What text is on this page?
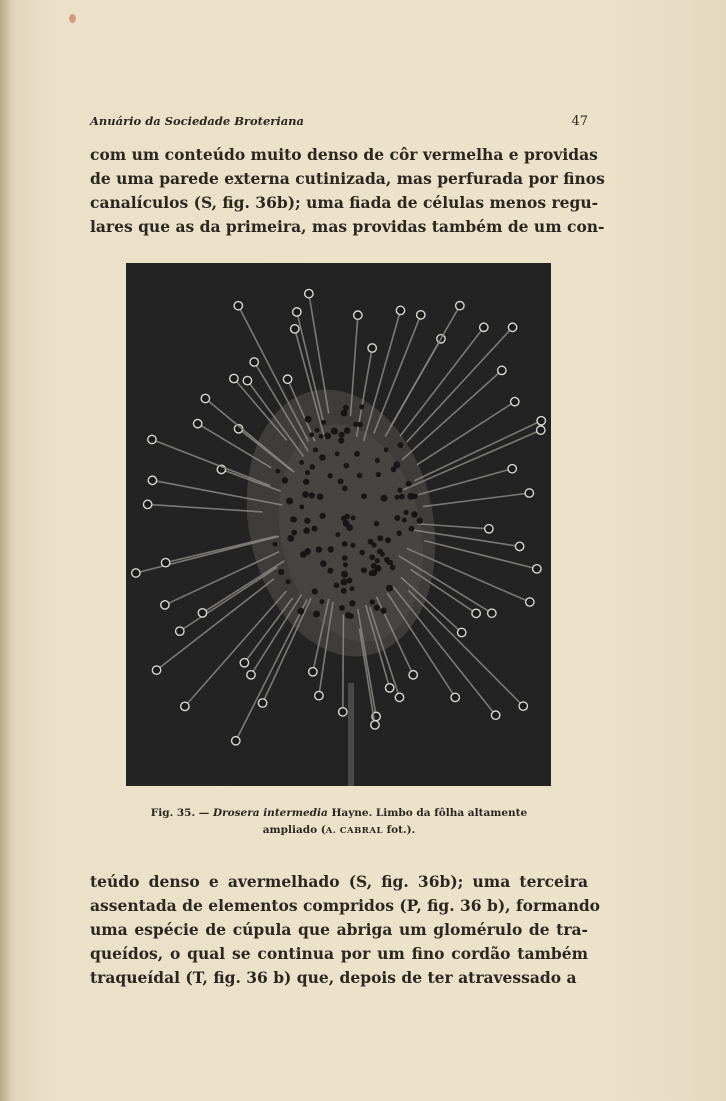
Anuário da Sociedade Broteriana	47
com um conteúdo muito denso de côr vermelha e providas
de uma parede externa cutinizada, mas perfurada por finos
canalículos (S, fig. 36b); uma fiada de células menos regu-
lares que as da primeira, mas providas também de um con-
Fig. 35. — Drosera intermedia Hayne. Limbo da fôlha altamente
ampliado (A. CABRAL fot.).
teúdo denso e avermelhado (S, fig. 36b); uma terceira
assentada de elementos compridos (P, fig. 36 b), formando
uma espécie de cúpula que abriga um glomérulo de tra-
queídos, o qual se continua por um fino cordão também
traqueídal (T, fig. 36 b) que, depois de ter atravessado a
